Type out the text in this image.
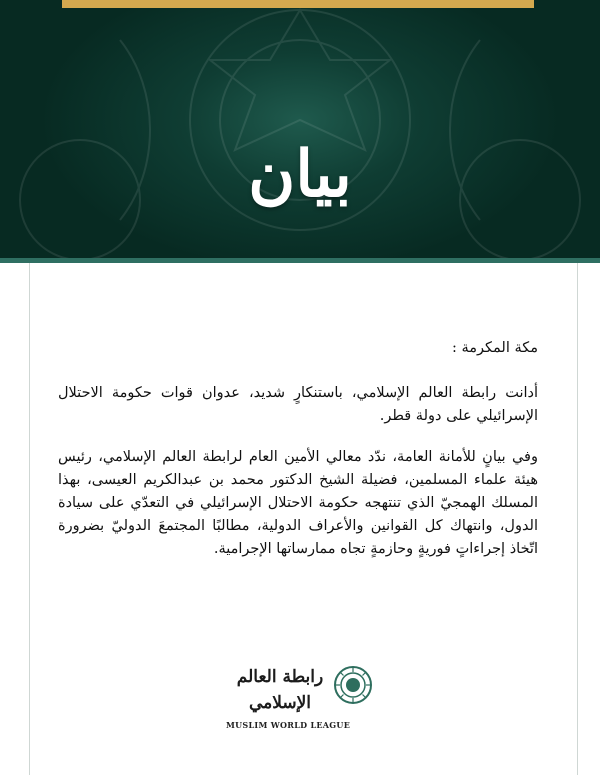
بيان

مكة المكرمة :

أدانت رابطة العالم الإسلامي، باستنكارٍ شديد، عدوان قوات حكومة الاحتلال الإسرائيلي على دولة قطر.

وفي بيانٍ للأمانة العامة، ندّد معالي الأمين العام لرابطة العالم الإسلامي، رئيس هيئة علماء المسلمين، فضيلة الشيخ الدكتور محمد بن عبدالكريم العيسى، بهذا المسلك الهمجيّ الذي تنتهجه حكومة الاحتلال الإسرائيلي في التعدّي على سيادة الدول، وانتهاك كل القوانين والأعراف الدولية، مطالبًا المجتمعَ الدوليّ بضرورة اتّخاذ إجراءاتٍ فوريةٍ وحازمةٍ تجاه ممارساتها الإجرامية.

رابطة العالم الإسلامي
MUSLIM WORLD LEAGUE
